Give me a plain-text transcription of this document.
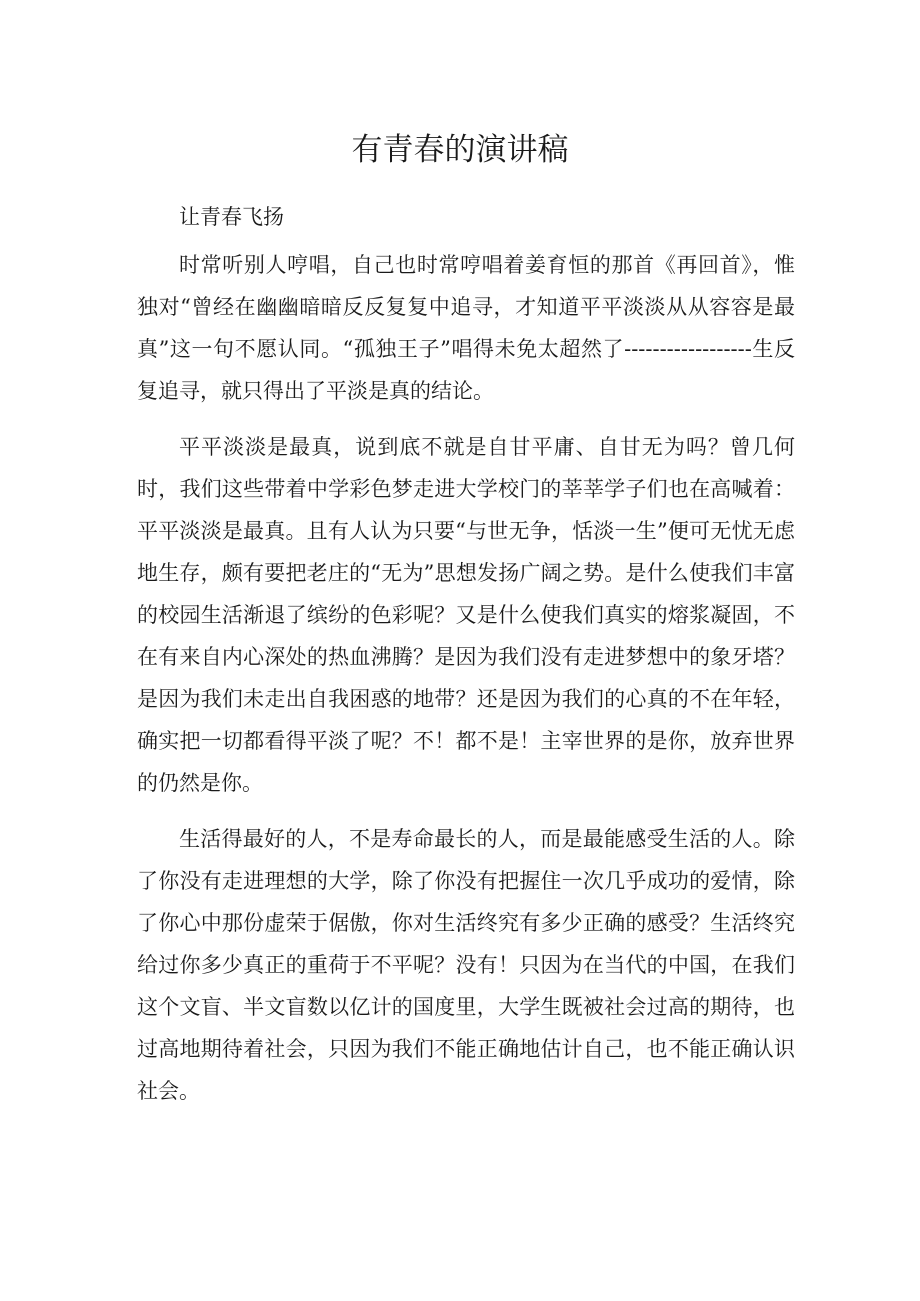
有青春的演讲稿

让青春飞扬

时常听别人哼唱，自己也时常哼唱着姜育恒的那首《再回首》，惟独对“曾经在幽幽暗暗反反复复中追寻，才知道平平淡淡从从容容是最真”这一句不愿认同。“孤独王子”唱得未免太超然了------------------生反复追寻，就只得出了平淡是真的结论。

平平淡淡是最真，说到底不就是自甘平庸、自甘无为吗？曾几何时，我们这些带着中学彩色梦走进大学校门的莘莘学子们也在高喊着：平平淡淡是最真。且有人认为只要“与世无争，恬淡一生”便可无忧无虑地生存，颇有要把老庄的“无为”思想发扬广阔之势。是什么使我们丰富的校园生活渐退了缤纷的色彩呢？又是什么使我们真实的熔浆凝固，不在有来自内心深处的热血沸腾？是因为我们没有走进梦想中的象牙塔？是因为我们未走出自我困惑的地带？还是因为我们的心真的不在年轻，确实把一切都看得平淡了呢？不！都不是！主宰世界的是你，放弃世界的仍然是你。

生活得最好的人，不是寿命最长的人，而是最能感受生活的人。除了你没有走进理想的大学，除了你没有把握住一次几乎成功的爱情，除了你心中那份虚荣于倨傲，你对生活终究有多少正确的感受？生活终究给过你多少真正的重荷于不平呢？没有！只因为在当代的中国，在我们这个文盲、半文盲数以亿计的国度里，大学生既被社会过高的期待，也过高地期待着社会，只因为我们不能正确地估计自己，也不能正确认识社会。
